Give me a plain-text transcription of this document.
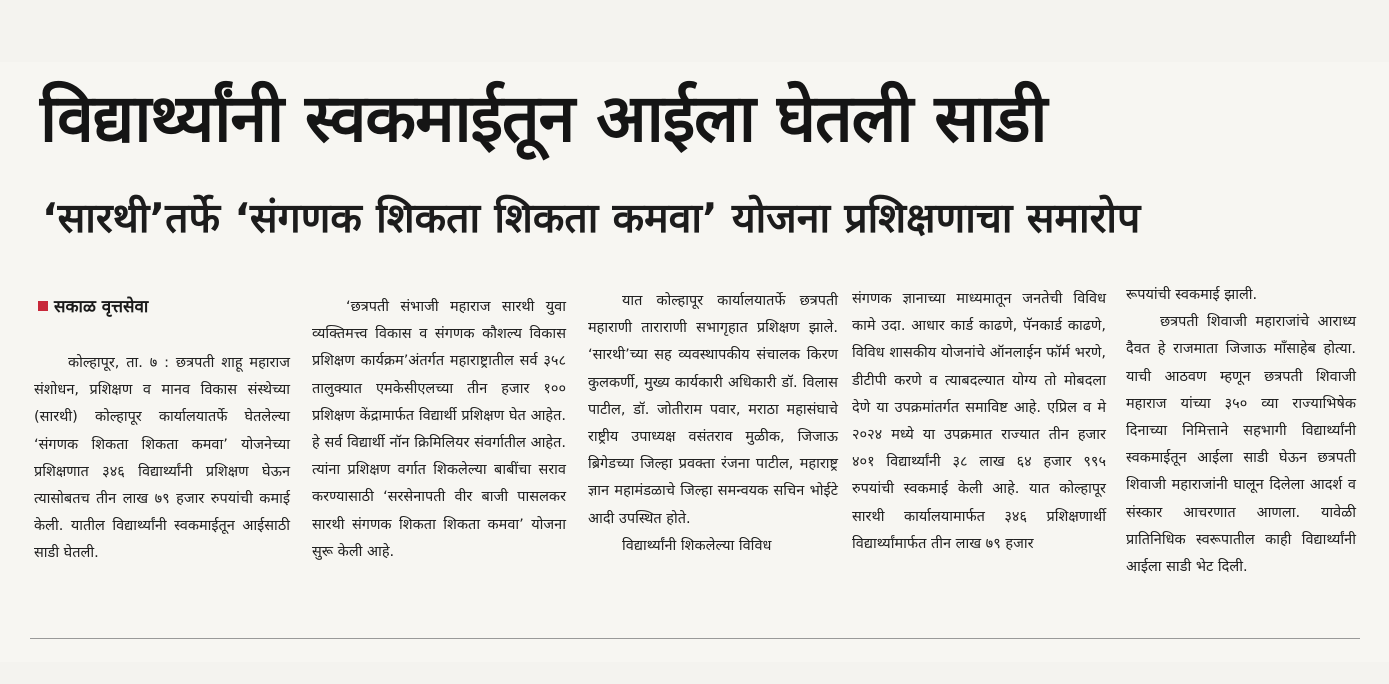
विद्यार्थ्यांनी स्वकमाईतून आईला घेतली साडी
‘सारथी’तर्फे ‘संगणक शिकता शिकता कमवा’ योजना प्रशिक्षणाचा समारोप
सकाळ वृत्तसेवा

कोल्हापूर, ता. ७ : छत्रपती शाहू महाराज संशोधन, प्रशिक्षण व मानव विकास संस्थेच्या (सारथी) कोल्हापूर कार्यालयातर्फे घेतलेल्या ‘संगणक शिकता शिकता कमवा’ योजनेच्या प्रशिक्षणात ३४६ विद्यार्थ्यांनी प्रशिक्षण घेऊन त्यासोबतच तीन लाख ७९ हजार रुपयांची कमाई केली. यातील विद्यार्थ्यांनी स्वकमाईतून आईसाठी साडी घेतली.

‘छत्रपती संभाजी महाराज सारथी युवा व्यक्तिमत्त्व विकास व संगणक कौशल्य विकास प्रशिक्षण कार्यक्रम’अंतर्गत महाराष्ट्रातील सर्व ३५८ तालुक्यात एमकेसीएलच्या तीन हजार १०० प्रशिक्षण केंद्रामार्फत विद्यार्थी प्रशिक्षण घेत आहेत. हे सर्व विद्यार्थी नॉन क्रिमिलियर संवर्गातील आहेत. त्यांना प्रशिक्षण वर्गात शिकलेल्या बाबींचा सराव करण्यासाठी ‘सरसेनापती वीर बाजी पासलकर सारथी संगणक शिकता शिकता कमवा’ योजना सुरू केली आहे.

यात कोल्हापूर कार्यालयातर्फे छत्रपती महाराणी ताराराणी सभागृहात प्रशिक्षण झाले. ‘सारथी’च्या सह व्यवस्थापकीय संचालक किरण कुलकर्णी, मुख्य कार्यकारी अधिकारी डॉ. विलास पाटील, डॉ. जोतीराम पवार, मराठा महासंघाचे राष्ट्रीय उपाध्यक्ष वसंतराव मुळीक, जिजाऊ ब्रिगेडच्या जिल्हा प्रवक्ता रंजना पाटील, महाराष्ट्र ज्ञान महामंडळाचे जिल्हा समन्वयक सचिन भोईटे आदी उपस्थित होते.

विद्यार्थ्यांनी शिकलेल्या विविध

संगणक ज्ञानाच्या माध्यमातून जनतेची विविध कामे उदा. आधार कार्ड काढणे, पॅनकार्ड काढणे, विविध शासकीय योजनांचे ऑनलाईन फॉर्म भरणे, डीटीपी करणे व त्याबदल्यात योग्य तो मोबदला देणे या उपक्रमांतर्गत समाविष्ट आहे. एप्रिल व मे २०२४ मध्ये या उपक्रमात राज्यात तीन हजार ४०१ विद्यार्थ्यांनी ३८ लाख ६४ हजार ९९५ रुपयांची स्वकमाई केली आहे. यात कोल्हापूर सारथी कार्यालयामार्फत ३४६ प्रशिक्षणार्थी विद्यार्थ्यांमार्फत तीन लाख ७९ हजार

रूपयांची स्वकमाई झाली.

छत्रपती शिवाजी महाराजांचे आराध्य दैवत हे राजमाता जिजाऊ माँसाहेब होत्या. याची आठवण म्हणून छत्रपती शिवाजी महाराज यांच्या ३५० व्या राज्याभिषेक दिनाच्या निमित्ताने सहभागी विद्यार्थ्यांनी स्वकमाईतून आईला साडी घेऊन छत्रपती शिवाजी महाराजांनी घालून दिलेला आदर्श व संस्कार आचरणात आणला. यावेळी प्रातिनिधिक स्वरूपातील काही विद्यार्थ्यांनी आईला साडी भेट दिली.
